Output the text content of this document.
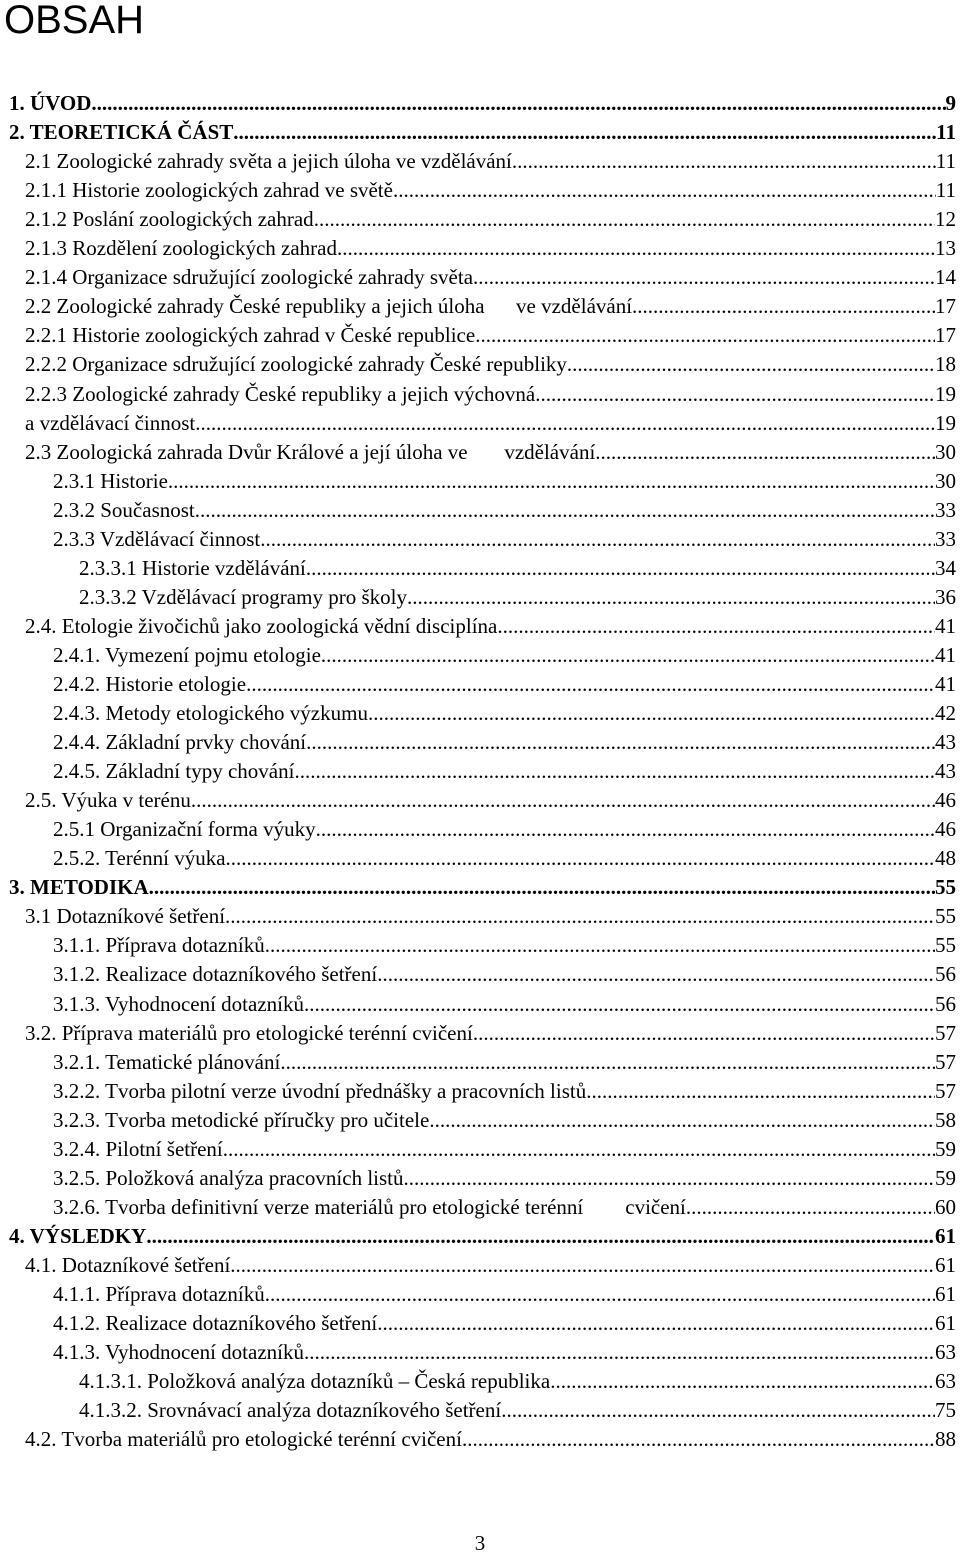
OBSAH
1. ÚVOD .....	9
2. TEORETICKÁ ČÁST .....	11
2.1 Zoologické zahrady světa a jejich úloha ve vzdělávání .....	11
2.1.1 Historie zoologických zahrad ve světě .....	11
2.1.2 Poslání zoologických zahrad .....	12
2.1.3 Rozdělení zoologických zahrad .....	13
2.1.4 Organizace sdružující zoologické zahrady světa .....	14
2.2 Zoologické zahrady České republiky a jejich úloha      ve vzdělávání .....	17
2.2.1 Historie zoologických zahrad v České republice .....	17
2.2.2 Organizace sdružující zoologické zahrady České republiky .....	18
2.2.3 Zoologické zahrady České republiky a jejich výchovná .....	19
a vzdělávací činnost .....	19
2.3 Zoologická zahrada Dvůr Králové a její úloha ve       vzdělávání .....	30
2.3.1 Historie .....	30
2.3.2 Současnost .....	33
2.3.3 Vzdělávací činnost .....	33
2.3.3.1 Historie vzdělávání .....	34
2.3.3.2 Vzdělávací programy pro školy .....	36
2.4. Etologie živočichů jako zoologická vědní disciplína .....	41
2.4.1. Vymezení pojmu etologie .....	41
2.4.2. Historie etologie .....	41
2.4.3. Metody etologického výzkumu .....	42
2.4.4. Základní prvky chování .....	43
2.4.5. Základní typy chování .....	43
2.5. Výuka v terénu .....	46
2.5.1 Organizační forma výuky .....	46
2.5.2. Terénní výuka .....	48
3. METODIKA .....	55
3.1 Dotazníkové šetření .....	55
3.1.1. Příprava dotazníků .....	55
3.1.2. Realizace dotazníkového šetření .....	56
3.1.3. Vyhodnocení dotazníků .....	56
3.2. Příprava materiálů pro etologické terénní cvičení .....	57
3.2.1. Tematické plánování .....	57
3.2.2. Tvorba pilotní verze úvodní přednášky a pracovních listů .....	57
3.2.3. Tvorba metodické příručky pro učitele .....	58
3.2.4. Pilotní šetření .....	59
3.2.5. Položková analýza pracovních listů .....	59
3.2.6. Tvorba definitivní verze materiálů pro etologické terénní        cvičení .....	60
4. VÝSLEDKY .....	61
4.1. Dotazníkové šetření .....	61
4.1.1. Příprava dotazníků .....	61
4.1.2. Realizace dotazníkového šetření .....	61
4.1.3. Vyhodnocení dotazníků .....	63
4.1.3.1. Položková analýza dotazníků – Česká republika .....	63
4.1.3.2. Srovnávací analýza dotazníkového šetření .....	75
4.2. Tvorba materiálů pro etologické terénní cvičení .....	88
3
